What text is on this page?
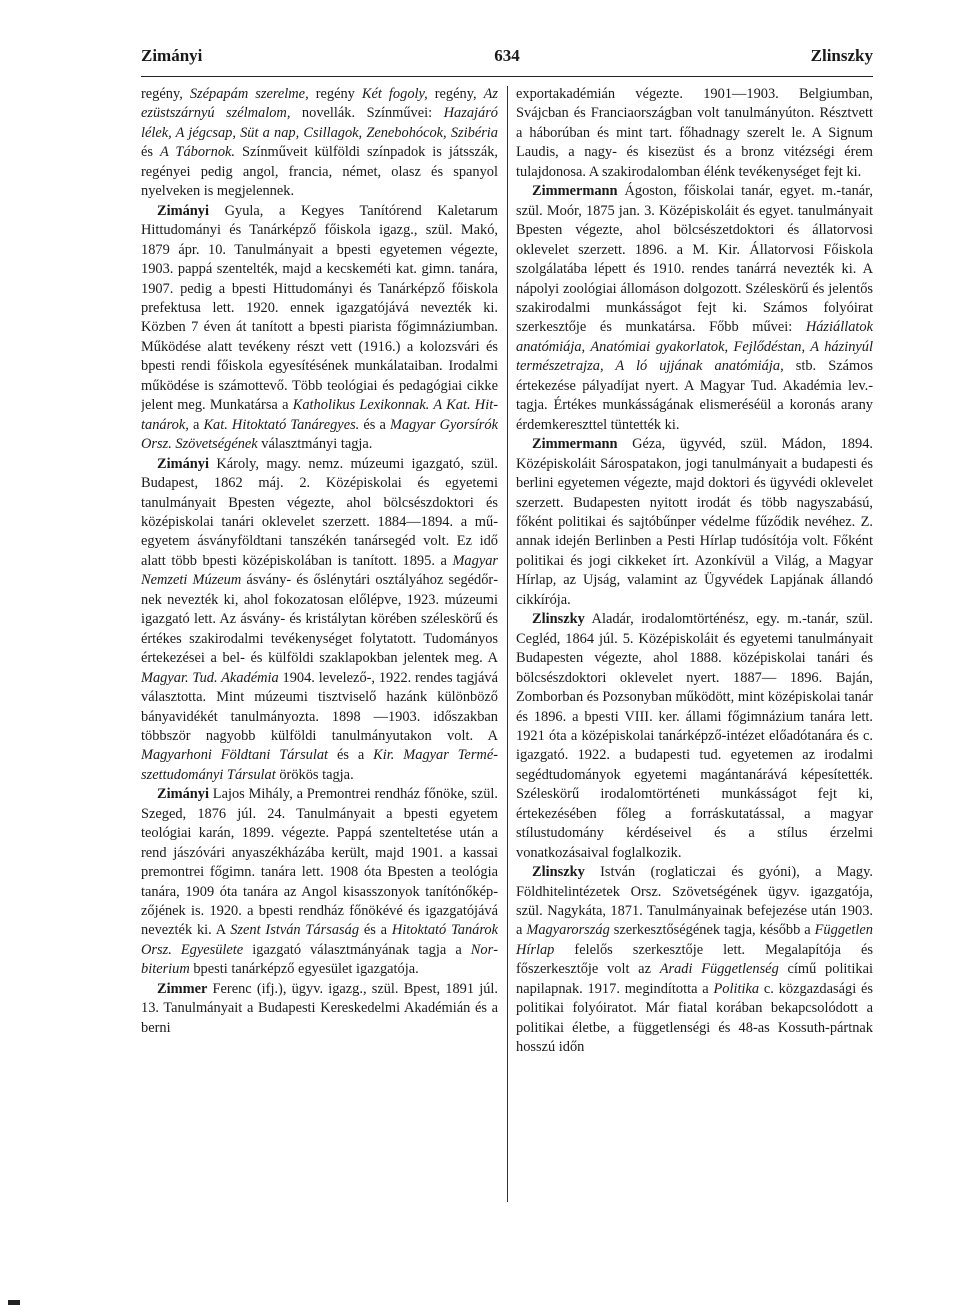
Zimányi	634	Zlinszky

regény, Szépapám szerelme, regény Két fogoly, regény, Az ezüstszárnyú szélmalom, novellák. Színművei: Hazajáró lélek, A jégcsap, Süt a nap, Csillagok, Zenebohócok, Szibéria és A Tábornok. Színműveit külföldi színpadok is játsszák, regényei pedig angol, francia, német, olasz és spanyol nyelveken is megjelennek.

Zimányi Gyula, a Kegyes Tanítórend Kaletarum Hittudományi és Tanárképző főiskola igazg., szül. Makó, 1879 ápr. 10. Tanulmányait a bpesti egyetemen végezte, 1903. pappá szentelték, majd a kecskeméti kat. gimn. tanára, 1907. pedig a bpesti Hittudományi és Tanárképző főiskola prefektusa lett. 1920. ennek igazgatójává nevezték ki. Közben 7 éven át tanított a bpesti piarista főgimnáziumban. Működése alatt tevékeny részt vett (1916.) a kolozsvári és bpesti rendi főiskola egyesítésének munkálataiban. Irodalmi működése is számottevő. Több teológiai és pedagógiai cikke jelent meg. Munkatársa a Katholikus Lexikonnak. A Kat. Hittanárok, a Kat. Hitoktató Tanáregyes. és a Magyar Gyorsírók Orsz. Szövetségének választmányi tagja.

Zimányi Károly, magy. nemz. múzeumi igazgató, szül. Budapest, 1862 máj. 2. Középiskolai és egyetemi tanulmányait Bpesten végezte, ahol bölcsészdoktori és középiskolai tanári oklevelet szerzett. 1884—1894. a műegyetem ásványföldtani tanszékén tanársegéd volt. Ez idő alatt több bpesti középiskolában is tanított. 1895. a Magyar Nemzeti Múzeum ásvány- és őslénytári osztályához segédőrnek nevezték ki, ahol fokozatosan előlépve, 1923. múzeumi igazgató lett. Az ásvány- és kristálytan körében széleskörű és értékes szakirodalmi tevékenységet folytatott. Tudományos értekezései a bel- és külföldi szaklapokban jelentek meg. A Magyar. Tud. Akadémia 1904. levelező-, 1922. rendes tagjává választotta. Mint múzeumi tisztviselő hazánk különböző bányavidékét tanulmányozta. 1898 —1903. időszakban többször nagyobb külföldi tanulmányutakon volt. A Magyarhoni Földtani Társulat és a Kir. Magyar Természettudományi Társulat örökös tagja.

Zimányi Lajos Mihály, a Premontrei rendház főnöke, szül. Szeged, 1876 júl. 24. Tanulmányait a bpesti egyetem teológiai karán, 1899. végezte. Pappá szenteltetése után a rend jászóvári anyaszékházába került, majd 1901. a kassai premontrei főgimn. tanára lett. 1908 óta Bpesten a teológia tanára, 1909 óta tanára az Angol kisasszonyok tanítónőképzőjének is. 1920. a bpesti rendház főnökévé és igazgatójává nevezték ki. A Szent István Társaság és a Hitoktató Tanárok Orsz. Egyesülete igazgató választmányának tagja a Norbiterium bpesti tanárképző egyesület igazgatója.

Zimmer Ferenc (ifj.), ügyv. igazg., szül. Bpest, 1891 júl. 13. Tanulmányait a Budapesti Kereskedelmi Akadémián és a berni

exportakadémián végezte. 1901—1903. Belgiumban, Svájcban és Franciaországban volt tanulmányúton. Résztvett a háborúban és mint tart. főhadnagy szerelt le. A Signum Laudis, a nagy- és kisezüst és a bronz vitézségi érem tulajdonosa. A szakirodalomban élénk tevékenységet fejt ki.

Zimmermann Ágoston, főiskolai tanár, egyet. m.-tanár, szül. Moór, 1875 jan. 3. Középiskoláit és egyet. tanulmányait Bpesten végezte, ahol bölcsészetdoktori és állatorvosi oklevelet szerzett. 1896. a M. Kir. Állatorvosi Főiskola szolgálatába lépett és 1910. rendes tanárrá nevezték ki. A nápolyi zoológiai állomáson dolgozott. Széleskörű és jelentős szakirodalmi munkásságot fejt ki. Számos folyóirat szerkesztője és munkatársa. Főbb művei: Háziállatok anatómiája, Anatómiai gyakorlatok, Fejlődéstan, A házinyúl természetrajza, A ló ujjának anatómiája, stb. Számos értekezése pályadíjat nyert. A Magyar Tud. Akadémia lev.-tagja. Értékes munkásságának elismeréséül a koronás arany érdemkereszttel tüntették ki.

Zimmermann Géza, ügyvéd, szül. Mádon, 1894. Középiskoláit Sárospatakon, jogi tanulmányait a budapesti és berlini egyetemen végezte, majd doktori és ügyvédi oklevelet szerzett. Budapesten nyitott irodát és több nagyszabású, főként politikai és sajtóbűnper védelme fűződik nevéhez. Z. annak idején Berlinben a Pesti Hírlap tudósítója volt. Főként politikai és jogi cikkeket írt. Azonkívül a Világ, a Magyar Hírlap, az Ujság, valamint az Ügyvédek Lapjának állandó cikkírója.

Zlinszky Aladár, irodalomtörténész, egy. m.-tanár, szül. Cegléd, 1864 júl. 5. Középiskoláit és egyetemi tanulmányait Budapesten végezte, ahol 1888. középiskolai tanári és bölcsészdoktori oklevelet nyert. 1887— 1896. Baján, Zomborban és Pozsonyban működött, mint középiskolai tanár és 1896. a bpesti VIII. ker. állami főgimnázium tanára lett. 1921 óta a középiskolai tanárképző-intézet előadótanára és c. igazgató. 1922. a budapesti tud. egyetemen az irodalmi segédtudományok egyetemi magántanárává képesítették. Széleskörű irodalomtörténeti munkásságot fejt ki, értekezésében főleg a forráskutatással, a magyar stílustudomány kérdéseivel és a stílus érzelmi vonatkozásaival foglalkozik.

Zlinszky István (roglaticzai és gyóni), a Magy. Földhitelintézetek Orsz. Szövetségének ügyv. igazgatója, szül. Nagykáta, 1871. Tanulmányainak befejezése után 1903. a Magyarország szerkesztőségének tagja, később a Független Hírlap felelős szerkesztője lett. Megalapítója és főszerkesztője volt az Aradi Függetlenség című politikai napilapnak. 1917. megindította a Politika c. közgazdasági és politikai folyóiratot. Már fiatal korában bekapcsolódott a politikai életbe, a függetlenségi és 48-as Kossuth-pártnak hosszú időn
